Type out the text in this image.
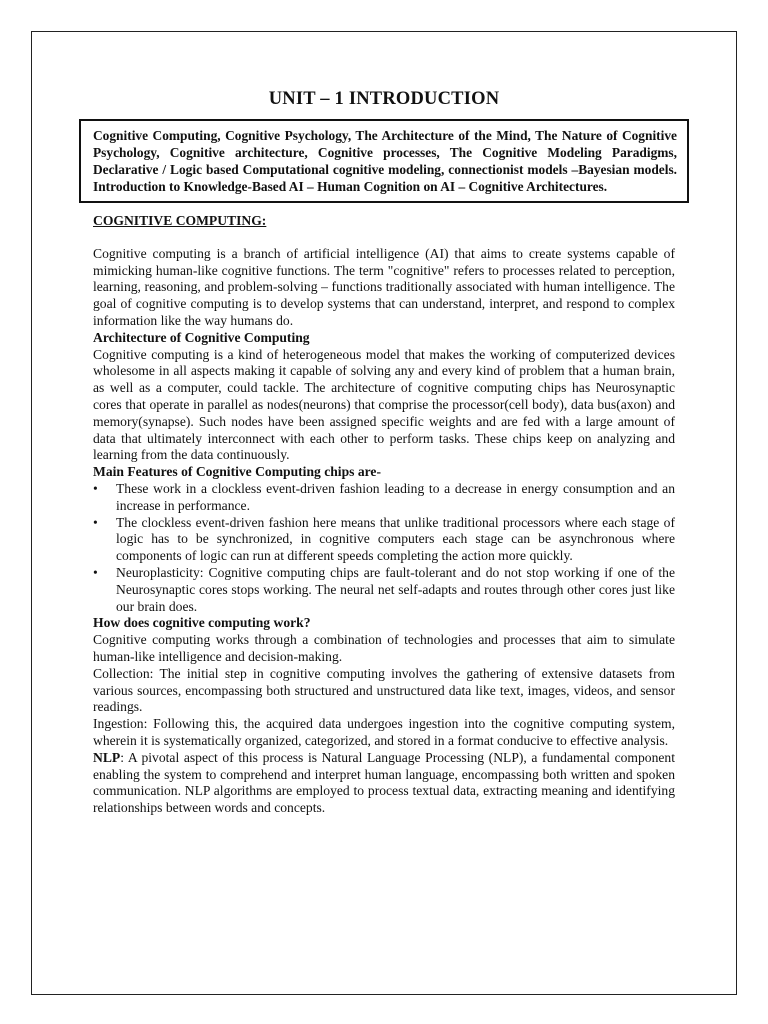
UNIT – 1 INTRODUCTION
Cognitive Computing, Cognitive Psychology, The Architecture of the Mind, The Nature of Cognitive Psychology, Cognitive architecture, Cognitive processes, The Cognitive Modeling Paradigms, Declarative / Logic based Computational cognitive modeling, connectionist models –Bayesian models. Introduction to Knowledge-Based AI – Human Cognition on AI – Cognitive Architectures.
COGNITIVE COMPUTING:

Cognitive computing is a branch of artificial intelligence (AI) that aims to create systems capable of mimicking human-like cognitive functions. The term "cognitive" refers to processes related to perception, learning, reasoning, and problem-solving – functions traditionally associated with human intelligence. The goal of cognitive computing is to develop systems that can understand, interpret, and respond to complex information like the way humans do.

Architecture of Cognitive Computing

Cognitive computing is a kind of heterogeneous model that makes the working of computerized devices wholesome in all aspects making it capable of solving any and every kind of problem that a human brain, as well as a computer, could tackle. The architecture of cognitive computing chips has Neurosynaptic cores that operate in parallel as nodes(neurons) that comprise the processor(cell body), data bus(axon) and memory(synapse). Such nodes have been assigned specific weights and are fed with a large amount of data that ultimately interconnect with each other to perform tasks. These chips keep on analyzing and learning from the data continuously.

Main Features of Cognitive Computing chips are-
• These work in a clockless event-driven fashion leading to a decrease in energy consumption and an increase in performance.
• The clockless event-driven fashion here means that unlike traditional processors where each stage of logic has to be synchronized, in cognitive computers each stage can be asynchronous where components of logic can run at different speeds completing the action more quickly.
• Neuroplasticity: Cognitive computing chips are fault-tolerant and do not stop working if one of the Neurosynaptic cores stops working. The neural net self-adapts and routes through other cores just like our brain does.
How does cognitive computing work?

Cognitive computing works through a combination of technologies and processes that aim to simulate human-like intelligence and decision-making.

Collection: The initial step in cognitive computing involves the gathering of extensive datasets from various sources, encompassing both structured and unstructured data like text, images, videos, and sensor readings.

Ingestion: Following this, the acquired data undergoes ingestion into the cognitive computing system, wherein it is systematically organized, categorized, and stored in a format conducive to effective analysis.

NLP: A pivotal aspect of this process is Natural Language Processing (NLP), a fundamental component enabling the system to comprehend and interpret human language, encompassing both written and spoken communication. NLP algorithms are employed to process textual data, extracting meaning and identifying relationships between words and concepts.
